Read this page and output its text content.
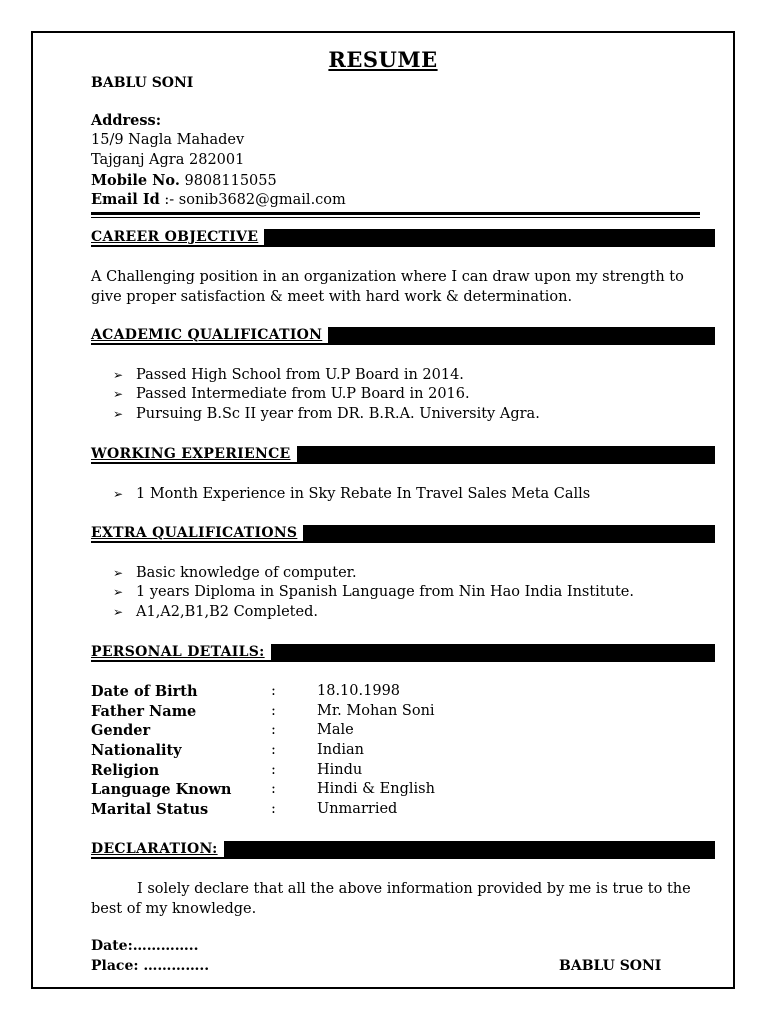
RESUME
BABLU SONI
Address:
15/9 Nagla Mahadev
Tajganj Agra 282001
Mobile No. 9808115055
Email Id :- sonib3682@gmail.com
CAREER OBJECTIVE
A Challenging position in an organization where I can draw upon my strength to give proper satisfaction & meet with hard work & determination.
ACADEMIC QUALIFICATION
➢ Passed High School from U.P Board in 2014.
➢ Passed Intermediate from U.P Board in 2016.
➢ Pursuing B.Sc II year from DR. B.R.A. University Agra.
WORKING EXPERIENCE
➢ 1 Month Experience in Sky Rebate In Travel Sales Meta Calls
EXTRA QUALIFICATIONS
➢ Basic knowledge of computer.
➢ 1 years Diploma in Spanish Language from Nin Hao India Institute.
➢ A1,A2,B1,B2 Completed.
PERSONAL DETAILS:
Date of Birth	:	18.10.1998
Father Name	:	Mr. Mohan Soni
Gender	:	Male
Nationality	:	Indian
Religion	:	Hindu
Language Known	:	Hindi & English
Marital Status	:	Unmarried
DECLARATION:
I solely declare that all the above information provided by me is true to the best of my knowledge.
Date:…………..
Place: …………..	BABLU SONI
